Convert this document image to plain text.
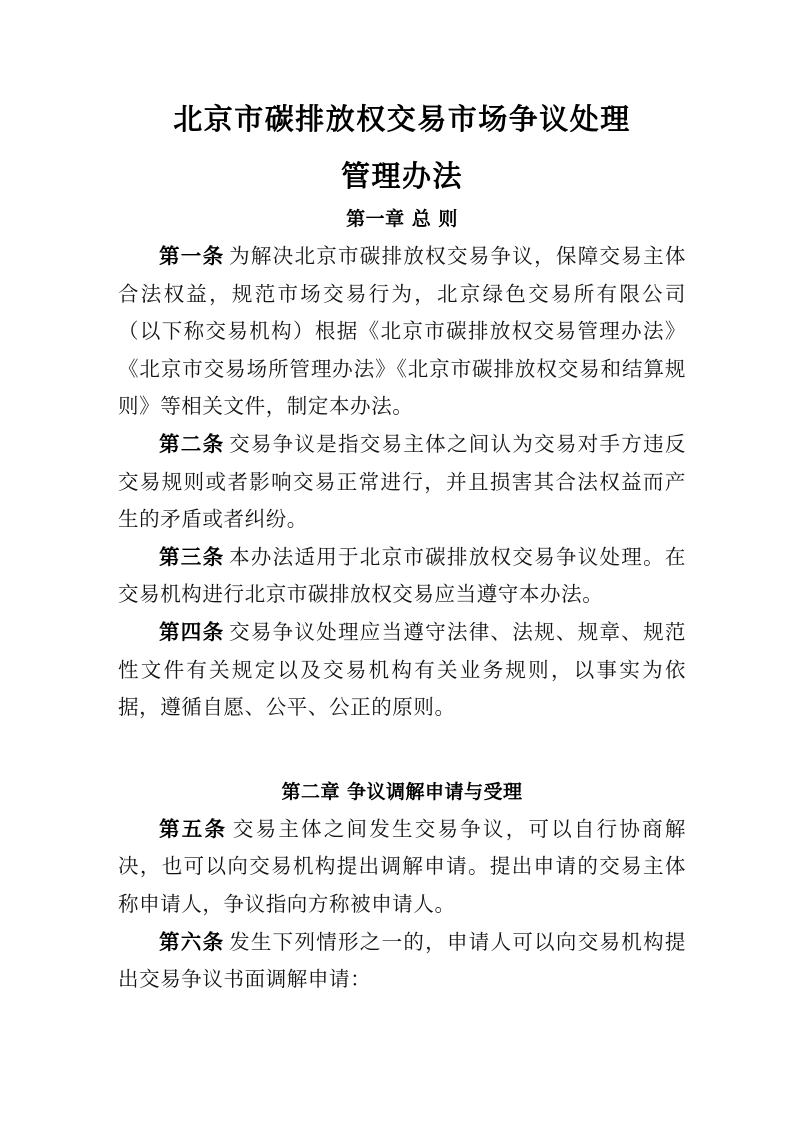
北京市碳排放权交易市场争议处理
管理办法
第一章 总 则

第一条 为解决北京市碳排放权交易争议，保障交易主体合法权益，规范市场交易行为，北京绿色交易所有限公司（以下称交易机构）根据《北京市碳排放权交易管理办法》《北京市交易场所管理办法》《北京市碳排放权交易和结算规则》等相关文件，制定本办法。

第二条 交易争议是指交易主体之间认为交易对手方违反交易规则或者影响交易正常进行，并且损害其合法权益而产生的矛盾或者纠纷。

第三条 本办法适用于北京市碳排放权交易争议处理。在交易机构进行北京市碳排放权交易应当遵守本办法。

第四条 交易争议处理应当遵守法律、法规、规章、规范性文件有关规定以及交易机构有关业务规则，以事实为依据，遵循自愿、公平、公正的原则。

第二章 争议调解申请与受理

第五条 交易主体之间发生交易争议，可以自行协商解决，也可以向交易机构提出调解申请。提出申请的交易主体称申请人，争议指向方称被申请人。

第六条 发生下列情形之一的，申请人可以向交易机构提出交易争议书面调解申请：
